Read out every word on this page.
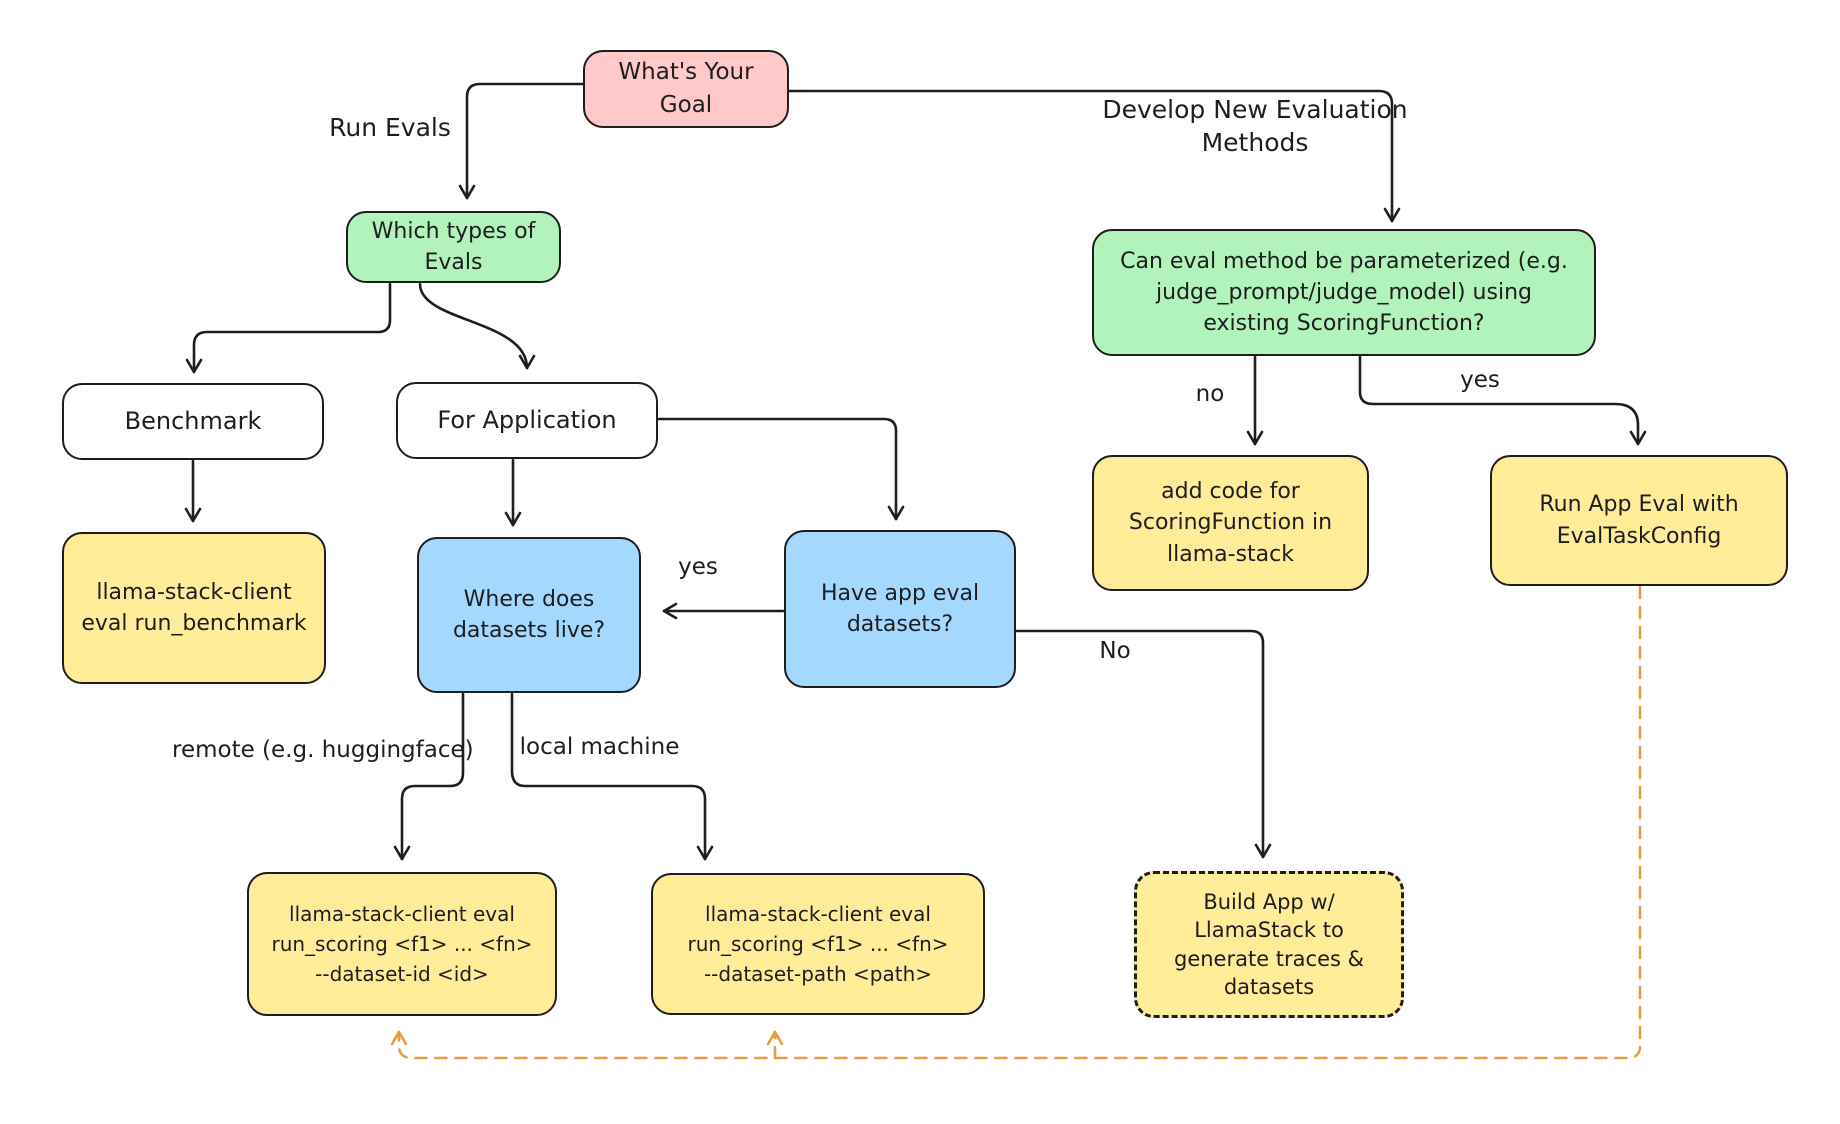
What's Your
Goal
Which types of
Evals	Can eval method be parameterized (e.g.
judge_prompt/judge_model) using
existing ScoringFunction?
Benchmark	For Application
llama-stack-client
eval run_benchmark
Where does
datasets live?
Have app eval
datasets?
add code for
ScoringFunction in
llama-stack
Run App Eval with
EvalTaskConfig
llama-stack-client eval
run_scoring <f1> ... <fn>
--dataset-id <id>
llama-stack-client eval
run_scoring <f1> ... <fn>
--dataset-path <path>
Build App w/
LlamaStack to
generate traces &
datasets
Run Evals
Develop New Evaluation
Methods
no
yes
yes
No
remote (e.g. huggingface)	local machine
